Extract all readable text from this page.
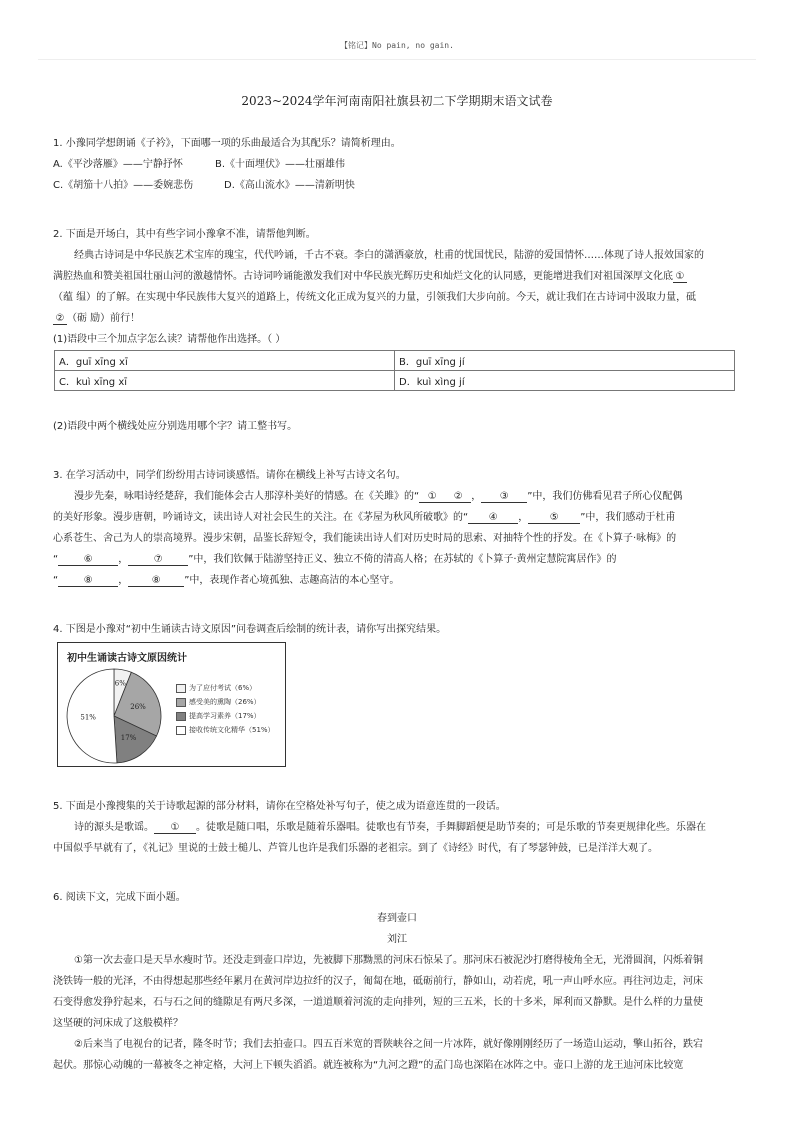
【铭记】No pain, no gain.
2023~2024学年河南南阳社旗县初二下学期期末语文试卷
1. 小豫同学想朗诵《子衿》，下面哪一项的乐曲最适合为其配乐？请简析理由。
A.《平沙落雁》——宁静抒怀	B.《十面埋伏》——壮丽雄伟
C.《胡笳十八拍》——委婉悲伤	D.《高山流水》——清新明快
2. 下面是开场白，其中有些字词小豫拿不准，请帮他判断。
经典古诗词是中华民族艺术宝库的瑰宝，代代吟诵，千古不衰。李白的潇洒豪放，杜甫的忧国忧民，陆游的爱国情怀……体现了诗人报效国家的
满腔热血和赞美祖国壮丽山河的激越情怀。古诗词吟诵能激发我们对中华民族光辉历史和灿烂文化的认同感，更能增进我们对祖国深厚文化底 ①
（蕴 缊）的了解。在实现中华民族伟大复兴的道路上，传统文化正成为复兴的力量，引领我们大步向前。今天，就让我们在古诗词中汲取力量，砥
② （砺 励）前行！
(1)语段中三个加点字怎么读？请帮他作出选择。（ ）
A．guī xīng xī	B．guī xīng jí
C．kuì xīng xī	D．kuì xìng jí
(2)语段中两个横线处应分别选用哪个字？请工整书写。
3. 在学习活动中，同学们纷纷用古诗词谈感悟。请你在横线上补写古诗文名句。
漫步先秦，咏唱诗经楚辞，我们能体会古人那淳朴美好的情感。在《关雎》的“ ① ② ， ③ ”中，我们仿佛看见君子所心仪配偶
的美好形象。漫步唐朝，吟诵诗文，读出诗人对社会民生的关注。在《茅屋为秋风所破歌》的“ ④ ， ⑤ ”中，我们感动于杜甫
心系苍生、舍己为人的崇高境界。漫步宋朝，品鉴长辞短令，我们能读出诗人们对历史时局的思索、对抽特个性的抒发。在《卜算子·咏梅》的
“	⑥	，	⑦	”中，我们钦佩于陆游坚持正义、独立不倚的清高人格；在苏轼的《卜算子·黄州定慧院寓居作》的
“	⑧	， ⑧ ”中，表现作者心境孤独、志趣高洁的本心坚守。
4. 下图是小豫对“初中生诵读古诗文原因”问卷调查后绘制的统计表，请你写出探究结果。
初中生诵读古诗文原因统计
6%
26%
17%
51%
为了应付考试（6%）
感受美的熏陶（26%）
提高学习素养（17%）
接收传统文化精华（51%）
5. 下面是小豫搜集的关于诗歌起源的部分材料，请你在空格处补写句子，使之成为语意连贯的一段话。
诗的源头是歌谣。 ① 。徒歌是随口唱，乐歌是随着乐器唱。徒歌也有节奏，手舞脚蹈便是助节奏的；可是乐歌的节奏更规律化些。乐器在
中国似乎早就有了，《礼记》里说的士鼓士槌儿、芦管儿也许是我们乐器的老祖宗。到了《诗经》时代，有了琴瑟钟鼓，已是洋洋大观了。
6. 阅读下文，完成下面小题。
春到壶口
刘江
①第一次去壶口是天旱水瘦时节。还没走到壶口岸边，先被脚下那黝黑的河床石惊呆了。那河床石被泥沙打磨得棱角全无，光滑圆润，闪烁着铜
浇铁铸一般的光泽，不由得想起那些经年累月在黄河岸边拉纤的汉子，匍匐在地，砥砺前行，静如山，动若虎，吼一声山呼水应。再往河边走，河床
石变得愈发狰狞起来，石与石之间的缝隙足有两尺多深，一道道顺着河流的走向排列，短的三五米，长的十多米，犀利而又静默。是什么样的力量使
这坚硬的河床成了这般模样？
②后来当了电视台的记者，隆冬时节；我们去拍壶口。四五百米宽的晋陕峡谷之间一片冰阵，就好像刚刚经历了一场造山运动，擎山拓谷，跌宕
起伏。那惊心动魄的一幕被冬之神定格，大河上下顿失滔滔。就连被称为“九河之蹬”的孟门岛也深陷在冰阵之中。壶口上游的龙王辿河床比较宽
